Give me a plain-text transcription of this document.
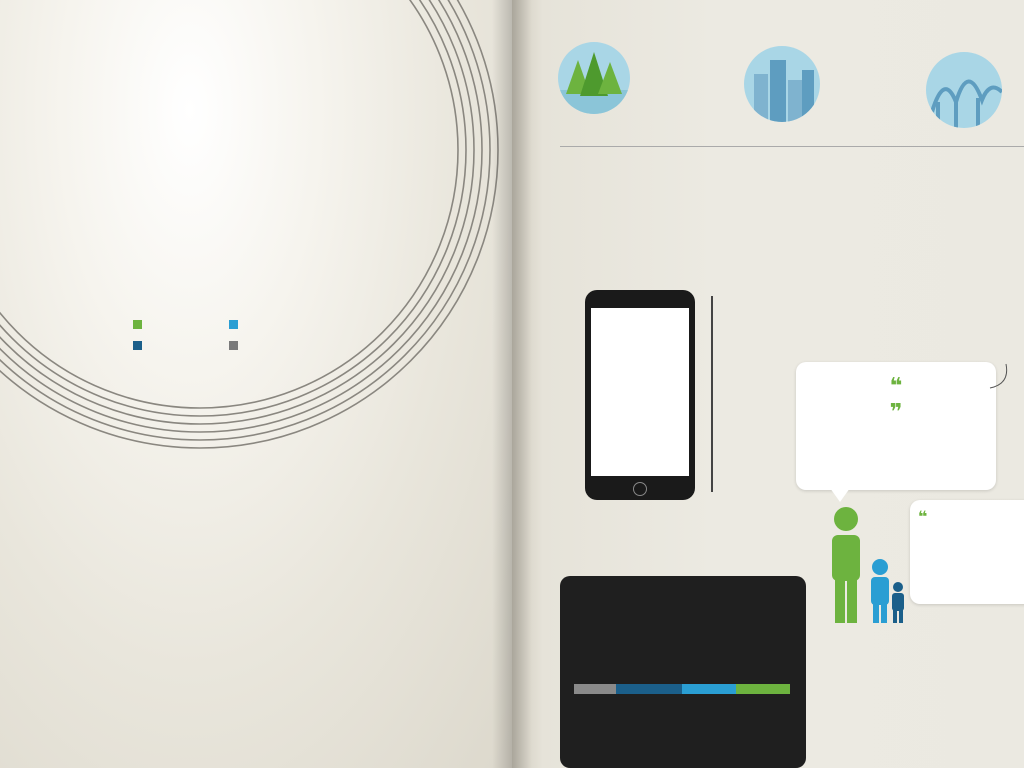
❝
❞
❝
